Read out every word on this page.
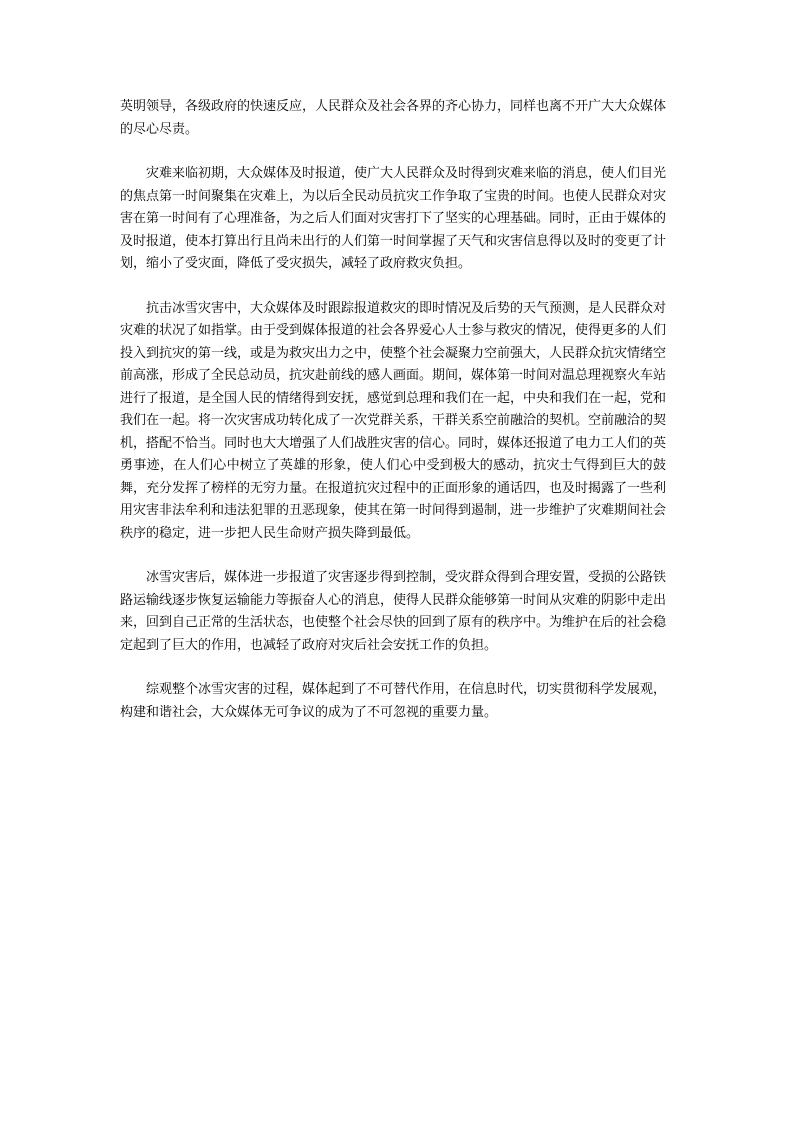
英明领导，各级政府的快速反应，人民群众及社会各界的齐心协力，同样也离不开广大大众媒体的尽心尽责。

灾难来临初期，大众媒体及时报道，使广大人民群众及时得到灾难来临的消息，使人们目光的焦点第一时间聚集在灾难上，为以后全民动员抗灾工作争取了宝贵的时间。也使人民群众对灾害在第一时间有了心理准备，为之后人们面对灾害打下了坚实的心理基础。同时，正由于媒体的及时报道，使本打算出行且尚未出行的人们第一时间掌握了天气和灾害信息得以及时的变更了计划，缩小了受灾面，降低了受灾损失，减轻了政府救灾负担。

抗击冰雪灾害中，大众媒体及时跟踪报道救灾的即时情况及后势的天气预测，是人民群众对灾难的状况了如指掌。由于受到媒体报道的社会各界爱心人士参与救灾的情况，使得更多的人们投入到抗灾的第一线，或是为救灾出力之中，使整个社会凝聚力空前强大，人民群众抗灾情绪空前高涨，形成了全民总动员，抗灾赴前线的感人画面。期间，媒体第一时间对温总理视察火车站进行了报道，是全国人民的情绪得到安抚，感觉到总理和我们在一起，中央和我们在一起，党和我们在一起。将一次灾害成功转化成了一次党群关系，干群关系空前融洽的契机。空前融洽的契机，搭配不恰当。同时也大大增强了人们战胜灾害的信心。同时，媒体还报道了电力工人们的英勇事迹，在人们心中树立了英雄的形象，使人们心中受到极大的感动，抗灾士气得到巨大的鼓舞，充分发挥了榜样的无穷力量。在报道抗灾过程中的正面形象的通话四，也及时揭露了一些利用灾害非法牟利和违法犯罪的丑恶现象，使其在第一时间得到遏制，进一步维护了灾难期间社会秩序的稳定，进一步把人民生命财产损失降到最低。

冰雪灾害后，媒体进一步报道了灾害逐步得到控制，受灾群众得到合理安置，受损的公路铁路运输线逐步恢复运输能力等振奋人心的消息，使得人民群众能够第一时间从灾难的阴影中走出来，回到自己正常的生活状态，也使整个社会尽快的回到了原有的秩序中。为维护在后的社会稳定起到了巨大的作用，也减轻了政府对灾后社会安抚工作的负担。

综观整个冰雪灾害的过程，媒体起到了不可替代作用，在信息时代，切实贯彻科学发展观，构建和谐社会，大众媒体无可争议的成为了不可忽视的重要力量。
